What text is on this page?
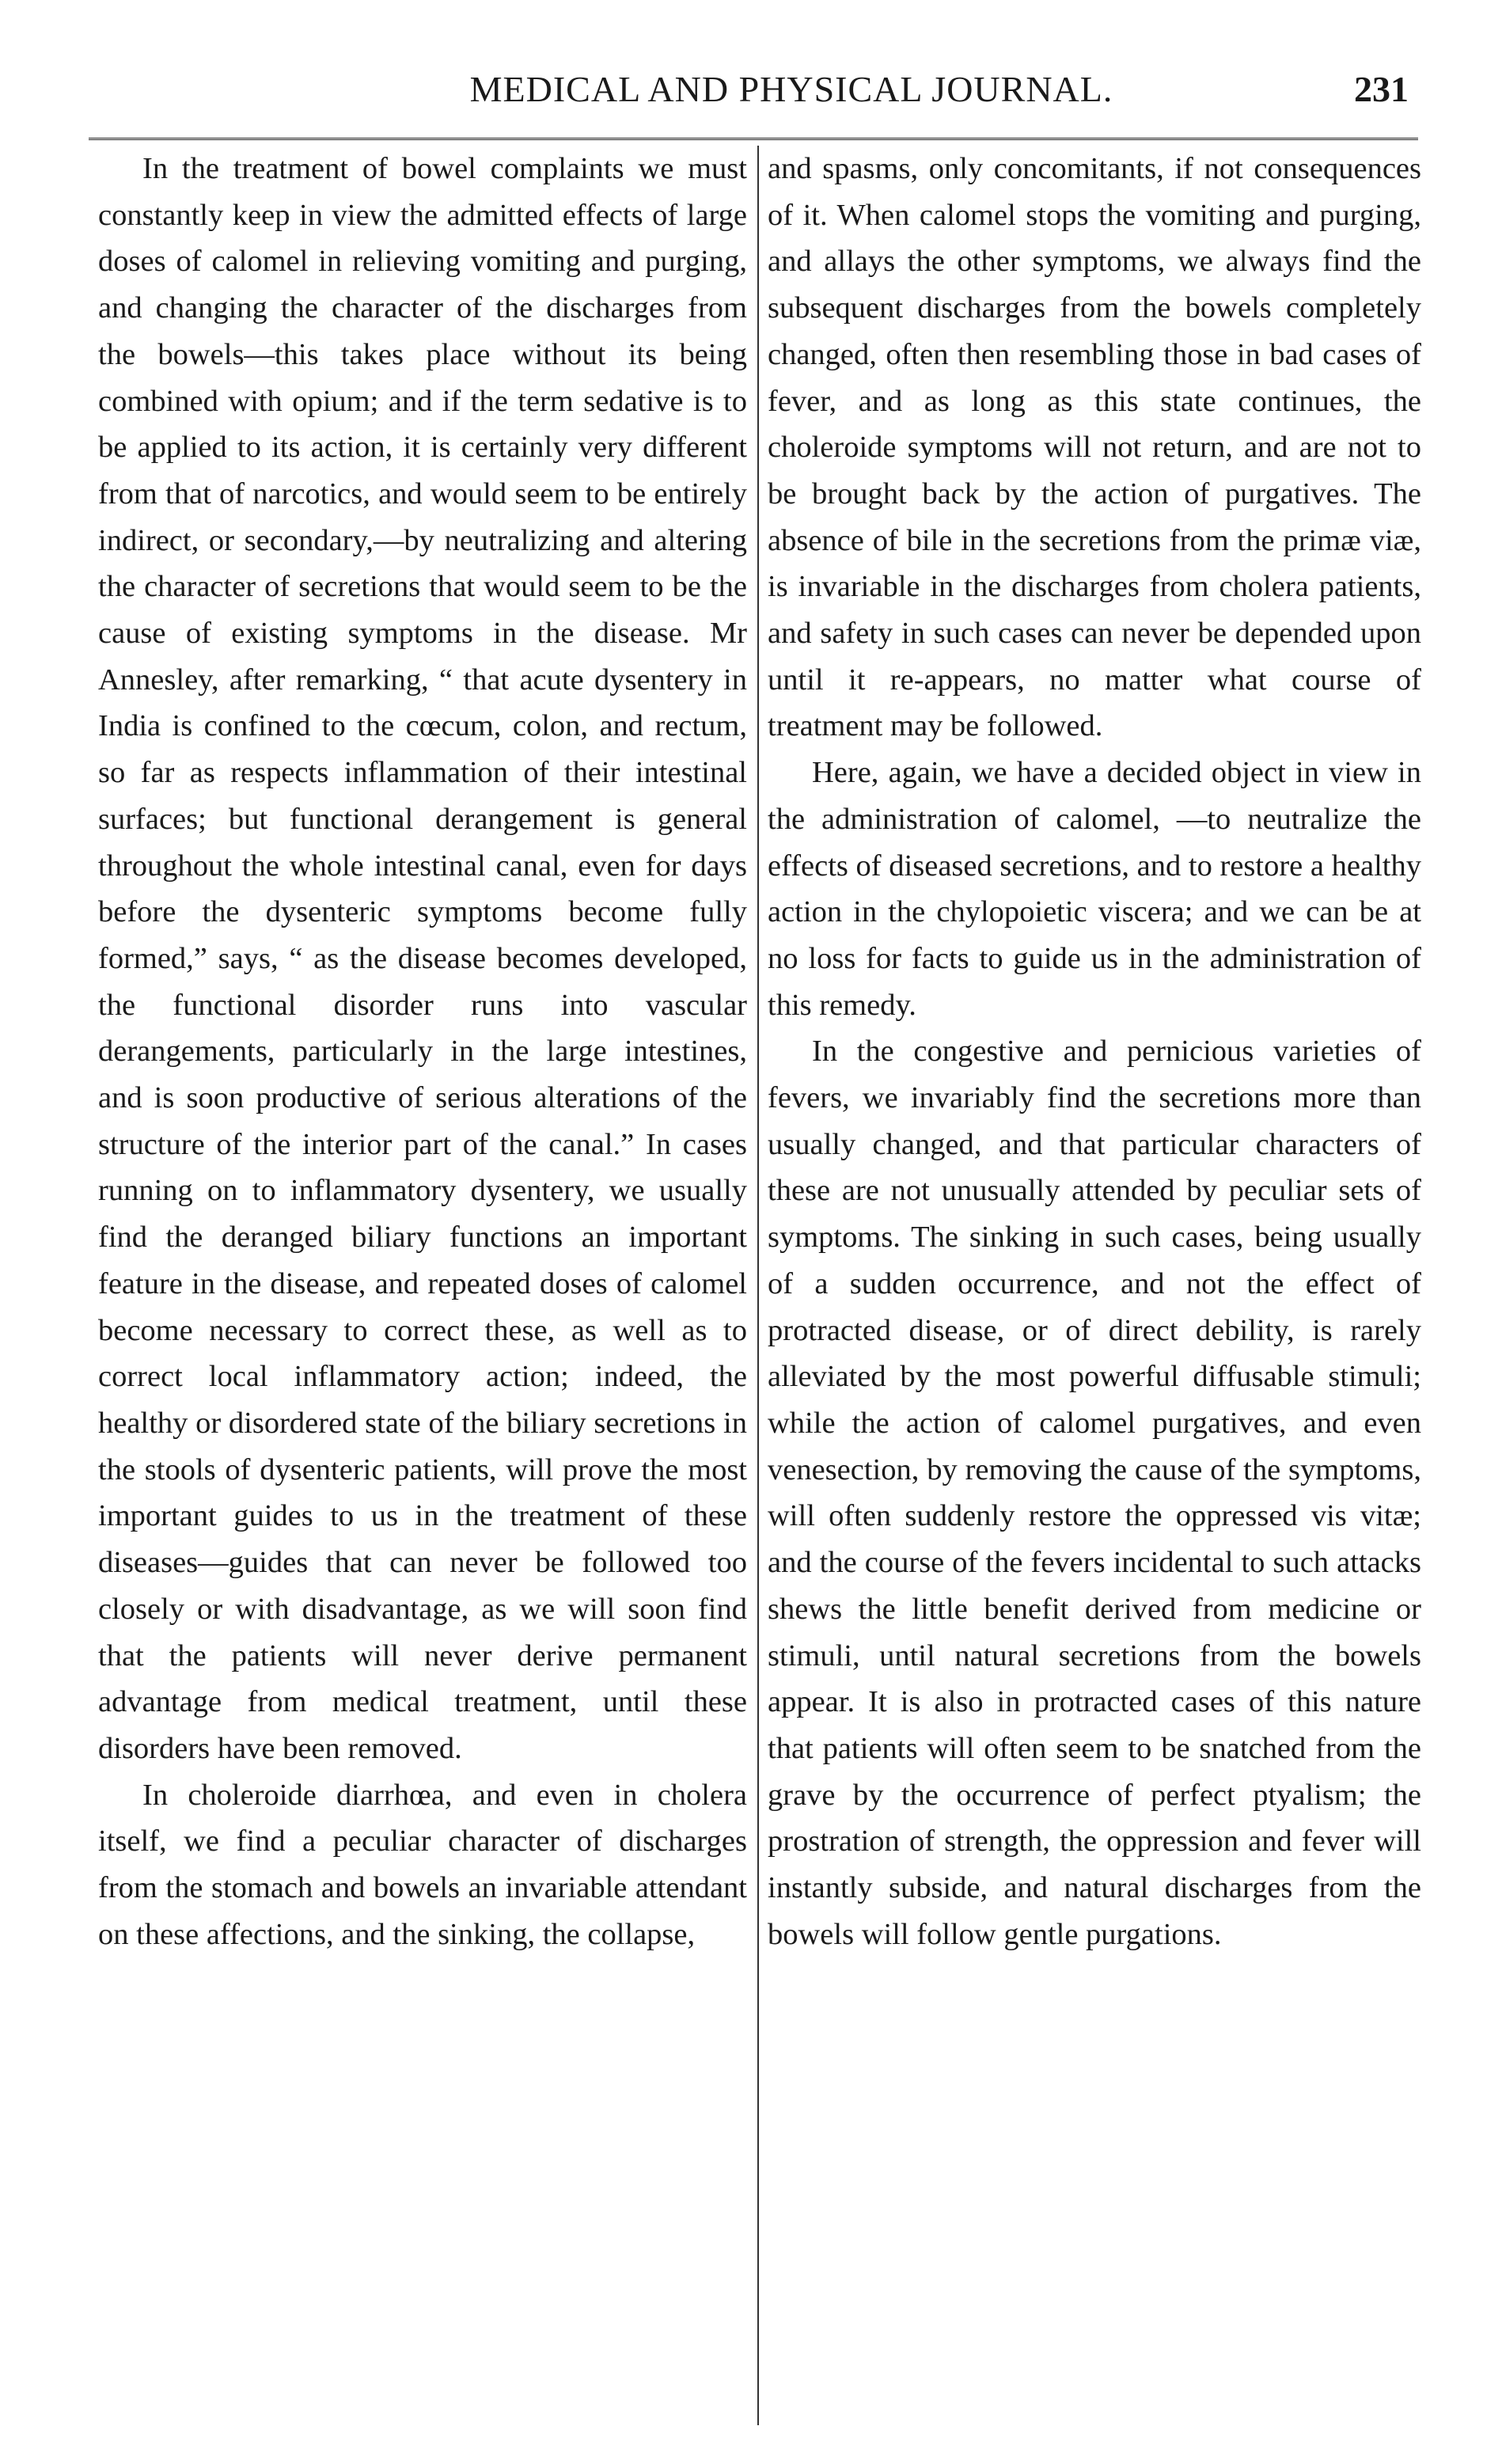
MEDICAL AND PHYSICAL JOURNAL.	231

In the treatment of bowel complaints we must constantly keep in view the admitted effects of large doses of calomel in relieving vomiting and purging, and changing the character of the discharges from the bowels—this takes place without its being combined with opium; and if the term sedative is to be applied to its action, it is certainly very different from that of narcotics, and would seem to be entirely indirect, or secondary,—by neutralizing and altering the character of secretions that would seem to be the cause of existing symptoms in the disease. Mr Annesley, after remarking, “ that acute dysentery in India is confined to the cœcum, colon, and rectum, so far as respects inflammation of their intestinal surfaces; but functional derangement is general throughout the whole intestinal canal, even for days before the dysenteric symptoms become fully formed,” says, “ as the disease becomes developed, the functional disorder runs into vascular derangements, particularly in the large intestines, and is soon productive of serious alterations of the structure of the interior part of the canal.” In cases running on to inflammatory dysentery, we usually find the deranged biliary functions an important feature in the disease, and repeated doses of calomel become necessary to correct these, as well as to correct local inflammatory action; indeed, the healthy or disordered state of the biliary secretions in the stools of dysenteric patients, will prove the most important guides to us in the treatment of these diseases—guides that can never be followed too closely or with disadvantage, as we will soon find that the patients will never derive permanent advantage from medical treatment, until these disorders have been removed.

In choleroide diarrhœa, and even in cholera itself, we find a peculiar character of discharges from the stomach and bowels an invariable attendant on these affections, and the sinking, the collapse,

and spasms, only concomitants, if not consequences of it. When calomel stops the vomiting and purging, and allays the other symptoms, we always find the subsequent discharges from the bowels completely changed, often then resembling those in bad cases of fever, and as long as this state continues, the choleroide symptoms will not return, and are not to be brought back by the action of purgatives. The absence of bile in the secretions from the primæ viæ, is invariable in the discharges from cholera patients, and safety in such cases can never be depended upon until it re-appears, no matter what course of treatment may be followed.

Here, again, we have a decided object in view in the administration of calomel, —to neutralize the effects of diseased secretions, and to restore a healthy action in the chylopoietic viscera; and we can be at no loss for facts to guide us in the administration of this remedy.

In the congestive and pernicious varieties of fevers, we invariably find the secretions more than usually changed, and that particular characters of these are not unusually attended by peculiar sets of symptoms. The sinking in such cases, being usually of a sudden occurrence, and not the effect of protracted disease, or of direct debility, is rarely alleviated by the most powerful diffusable stimuli; while the action of calomel purgatives, and even venesection, by removing the cause of the symptoms, will often suddenly restore the oppressed vis vitæ; and the course of the fevers incidental to such attacks shews the little benefit derived from medicine or stimuli, until natural secretions from the bowels appear. It is also in protracted cases of this nature that patients will often seem to be snatched from the grave by the occurrence of perfect ptyalism; the prostration of strength, the oppression and fever will instantly subside, and natural discharges from the bowels will follow gentle purgations.
